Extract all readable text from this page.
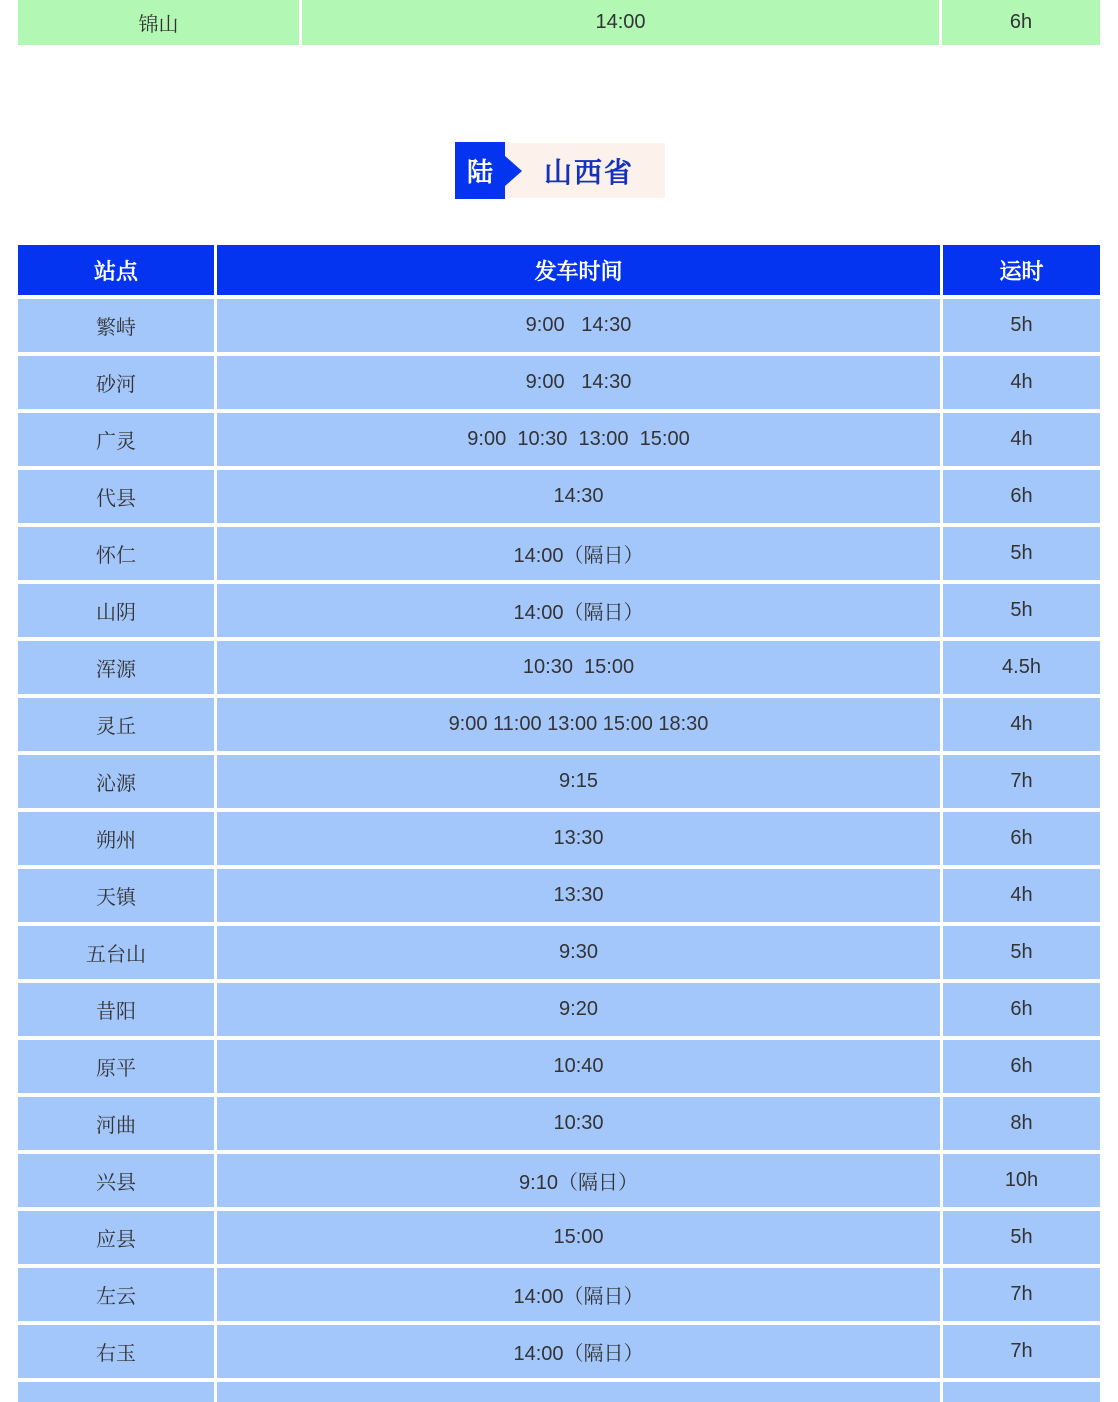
锦山	14:00	6h
山西省
陆
站点	发车时间	运时
繁峙	9:00   14:30	5h
砂河	9:00   14:30	4h
广灵	9:00  10:30  13:00  15:00	4h
代县	14:30	6h
怀仁	14:00（隔日）	5h
山阴	14:00（隔日）	5h
浑源	10:30  15:00	4.5h
灵丘	9:00 11:00 13:00 15:00 18:30	4h
沁源	9:15	7h
朔州	13:30	6h
天镇	13:30	4h
五台山	9:30	5h
昔阳	9:20	6h
原平	10:40	6h
河曲	10:30	8h
兴县	9:10（隔日）	10h
应县	15:00	5h
左云	14:00（隔日）	7h
右玉	14:00（隔日）	7h
